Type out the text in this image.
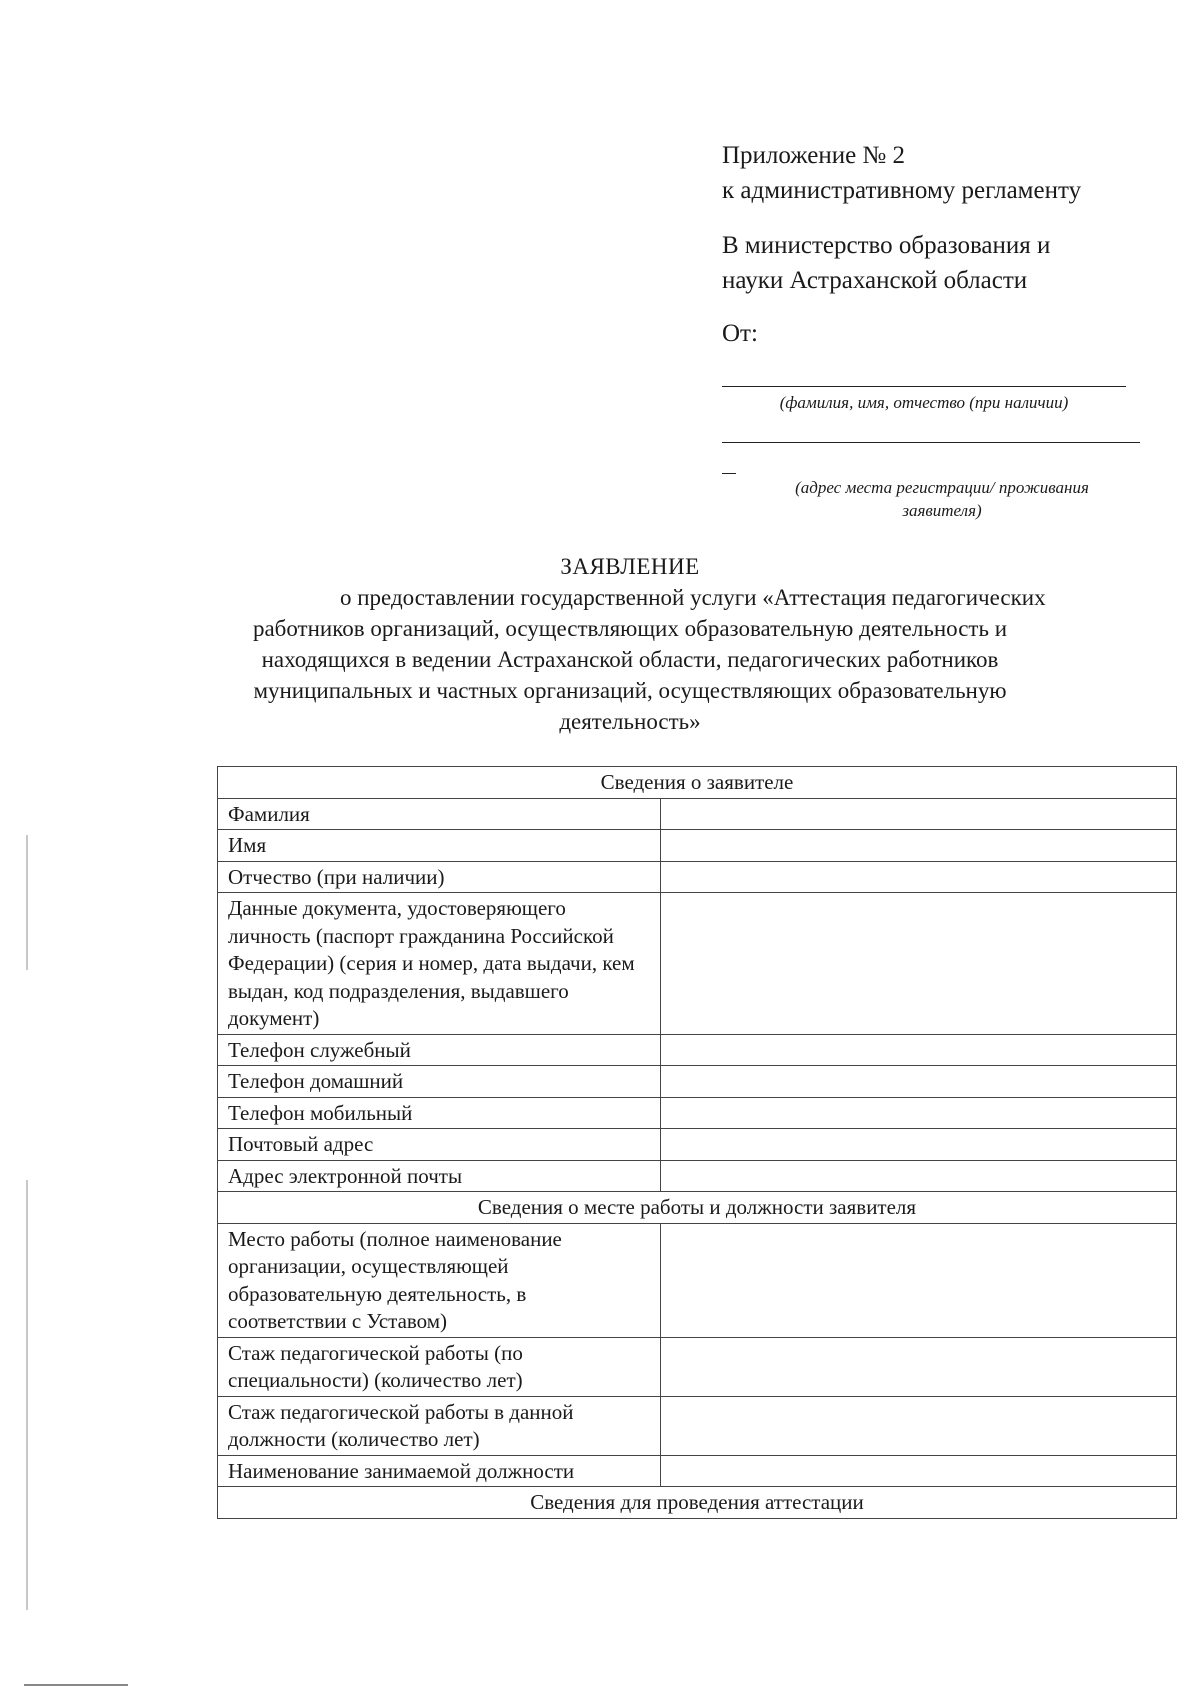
Приложение № 2
к административному регламенту
В министерство образования и
науки Астраханской области
От:
(фамилия, имя, отчество (при наличии)
(адрес места регистрации/ проживания
заявителя)
ЗАЯВЛЕНИЕ
о предоставлении государственной услуги «Аттестация педагогических
работников организаций, осуществляющих образовательную деятельность и
находящихся в ведении Астраханской области, педагогических работников
муниципальных и частных организаций, осуществляющих образовательную
деятельность»
Сведения о заявителе	
Фамилия	
Имя	
Отчество (при наличии)	
Данные документа, удостоверяющего личность (паспорт гражданина Российской Федерации) (серия и номер, дата выдачи, кем выдан, код подразделения, выдавшего документ)	
Телефон служебный	
Телефон домашний	
Телефон мобильный	
Почтовый адрес	
Адрес электронной почты	
Сведения о месте работы и должности заявителя	
Место работы (полное наименование организации, осуществляющей образовательную деятельность, в соответствии с Уставом)	
Стаж педагогической работы (по специальности) (количество лет)	
Стаж педагогической работы в данной должности (количество лет)	
Наименование занимаемой должности	
Сведения для проведения аттестации	
